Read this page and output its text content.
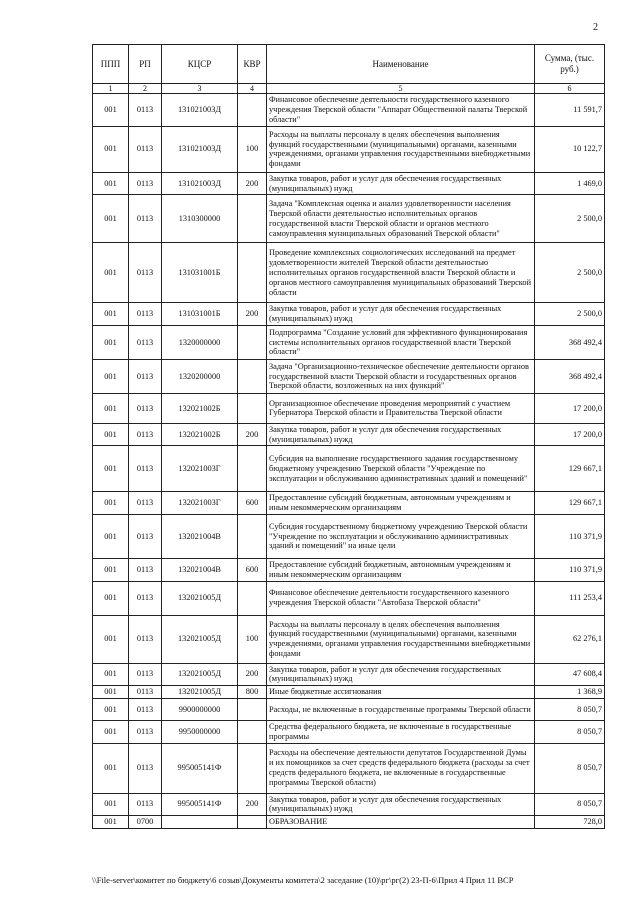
2
ППП	РП	КЦСР	КВР	Наименование	Сумма, (тыс. руб.)
1	2	3	4	5	6
001	0113	131021003Д		Финансовое обеспечение деятельности государственного казенного учреждения Тверской области "Аппарат Общественной палаты Тверской области"	11 591,7
001	0113	131021003Д	100	Расходы на выплаты персоналу в целях обеспечения выполнения функций государственными (муниципальными) органами, казенными учреждениями, органами управления государственными внебюджетными фондами	10 122,7
001	0113	131021003Д	200	Закупка товаров, работ и услуг для обеспечения государственных (муниципальных) нужд	1 469,0
001	0113	1310300000		Задача "Комплексная оценка и анализ удовлетворенности населения Тверской области деятельностью исполнительных органов государственной власти Тверской области и органов местного самоуправления муниципальных образований Тверской области"	2 500,0
001	0113	131031001Б		Проведение комплексных социологических исследований на предмет удовлетворенности жителей Тверской области деятельностью исполнительных органов государственной власти Тверской области и органов местного самоуправления муниципальных образований Тверской области	2 500,0
001	0113	131031001Б	200	Закупка товаров, работ и услуг для обеспечения государственных (муниципальных) нужд	2 500,0
001	0113	1320000000		Подпрограмма "Создание условий для эффективного функционирования системы исполнительных органов государственной власти Тверской области"	368 492,4
001	0113	1320200000		Задача "Организационно-техническое обеспечение деятельности органов государственной власти Тверской области и государственных органов Тверской области, возложенных на них функций"	368 492,4
001	0113	132021002Б		Организационное обеспечение проведения мероприятий с участием Губернатора Тверской области и Правительства Тверской области	17 200,0
001	0113	132021002Б	200	Закупка товаров, работ и услуг для обеспечения государственных (муниципальных) нужд	17 200,0
001	0113	132021003Г		Субсидия на выполнение государственного задания государственному бюджетному учреждению Тверской области "Учреждение по эксплуатации и обслуживанию административных зданий и помещений"	129 667,1
001	0113	132021003Г	600	Предоставление субсидий бюджетным, автономным учреждениям и иным некоммерческим организациям	129 667,1
001	0113	132021004В		Субсидия государственному бюджетному учреждению Тверской области "Учреждение по эксплуатации и обслуживанию административных зданий и помещений" на иные цели	110 371,9
001	0113	132021004В	600	Предоставление субсидий бюджетным, автономным учреждениям и иным некоммерческим организациям	110 371,9
001	0113	132021005Д		Финансовое обеспечение деятельности государственного казенного учреждения Тверской области "Автобаза Тверской области"	111 253,4
001	0113	132021005Д	100	Расходы на выплаты персоналу в целях обеспечения выполнения функций государственными (муниципальными) органами, казенными учреждениями, органами управления государственными внебюджетными фондами	62 276,1
001	0113	132021005Д	200	Закупка товаров, работ и услуг для обеспечения государственных (муниципальных) нужд	47 608,4
001	0113	132021005Д	800	Иные бюджетные ассигнования	1 368,9
001	0113	9900000000		Расходы, не включенные в государственные программы Тверской области	8 050,7
001	0113	9950000000		Средства федерального бюджета, не включенные в государственные программы	8 050,7
001	0113	995005141Ф		Расходы на обеспечение деятельности депутатов Государственной Думы и их помощников за счет средств федерального бюджета (расходы за счет средств федерального бюджета, не включенные в государственные программы Тверской области)	8 050,7
001	0113	995005141Ф	200	Закупка товаров, работ и услуг для обеспечения государственных (муниципальных) нужд	8 050,7
001	0700			ОБРАЗОВАНИЕ	728,0
\\File-server\комитет по бюджету\6 созыв\Документы комитета\2 заседание (10)\рг\рг(2) 23-П-6\Прил 4 Прил 11 ВСР
